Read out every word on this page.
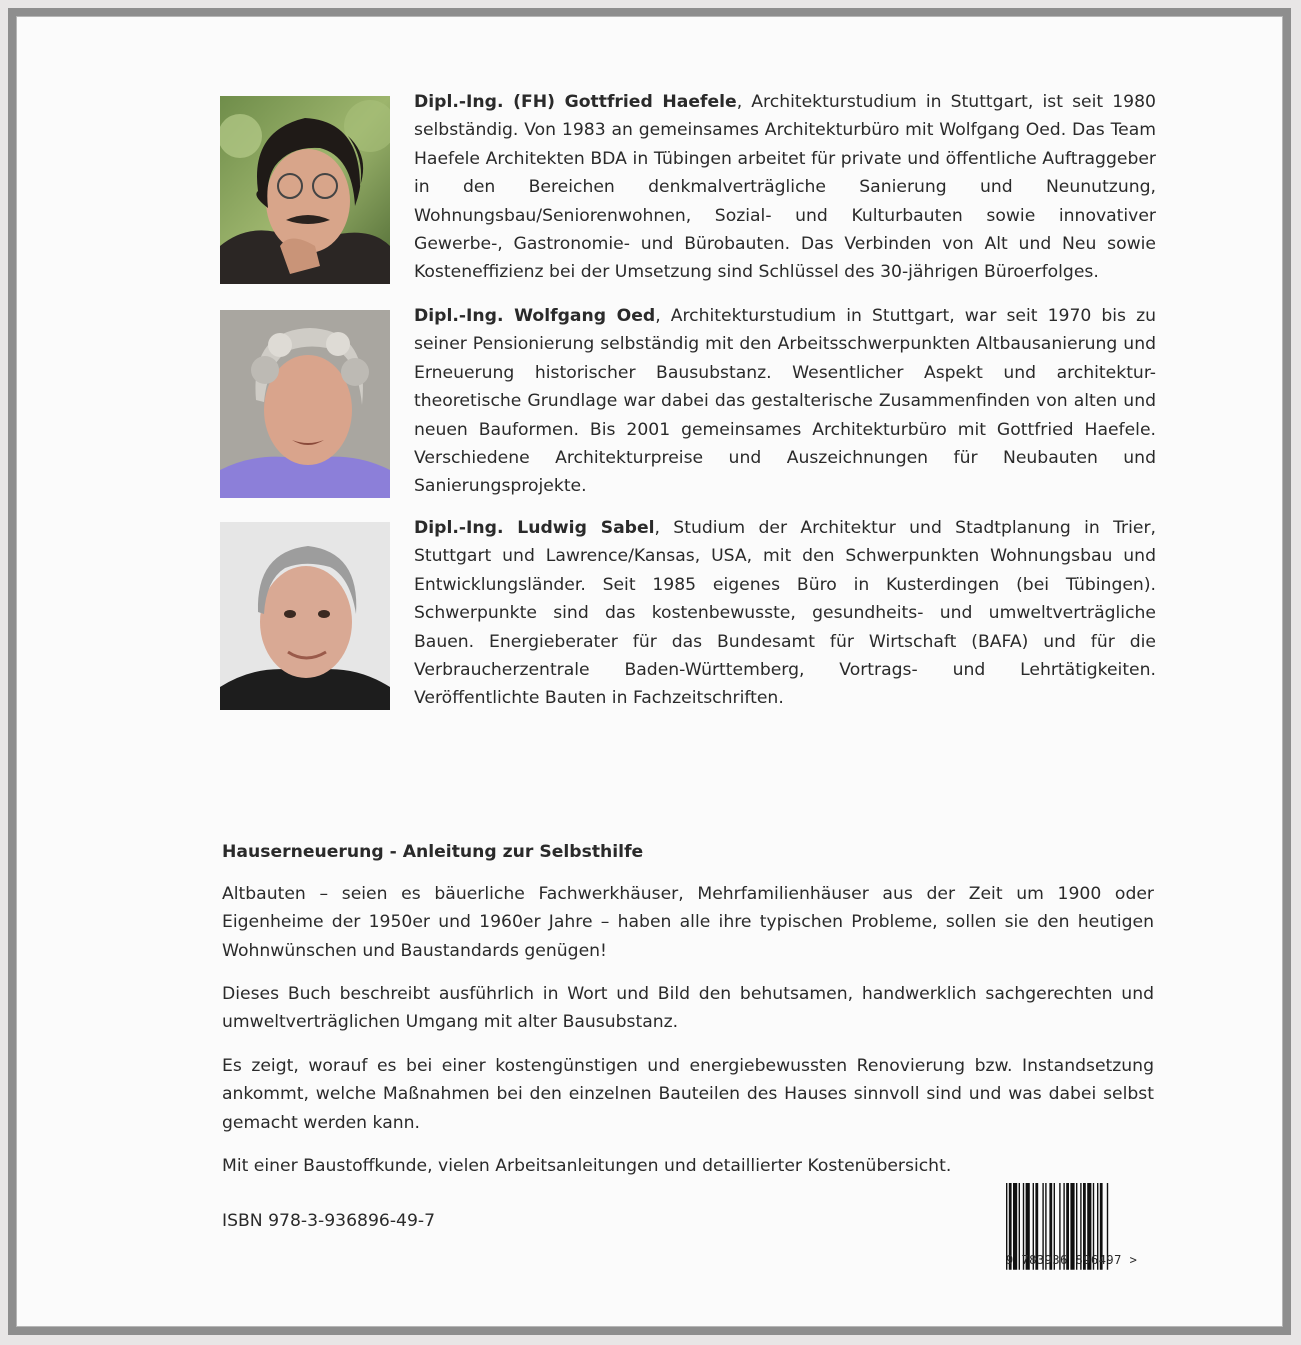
Dipl.-Ing. (FH) Gottfried Haefele, Architekturstudium in Stuttgart, ist seit 1980 selbständig. Von 1983 an gemeinsames Architekturbüro mit Wolfgang Oed. Das Team Haefele Architekten BDA in Tübingen arbeitet für private und öffentliche Auftraggeber in den Bereichen denkmalverträgliche Sanierung und Neunutzung, Wohnungsbau/Seniorenwohnen, Sozial- und Kulturbauten sowie innovativer Gewerbe-, Gastronomie- und Bürobauten. Das Verbinden von Alt und Neu sowie Kosteneffizienz bei der Umsetzung sind Schlüssel des 30-jährigen Büroerfolges.

Dipl.-Ing. Wolfgang Oed, Architekturstudium in Stuttgart, war seit 1970 bis zu seiner Pensionierung selbständig mit den Arbeitsschwerpunkten Altbausanierung und Erneuerung historischer Bausubstanz. Wesentlicher Aspekt und architektur-theoretische Grundlage war dabei das gestalterische Zusammenfinden von alten und neuen Bauformen. Bis 2001 gemeinsames Architekturbüro mit Gottfried Haefele. Verschiedene Architekturpreise und Auszeichnungen für Neubauten und Sanierungsprojekte.

Dipl.-Ing. Ludwig Sabel, Studium der Architektur und Stadtplanung in Trier, Stuttgart und Lawrence/Kansas, USA, mit den Schwerpunkten Wohnungsbau und Entwicklungsländer. Seit 1985 eigenes Büro in Kusterdingen (bei Tübingen). Schwerpunkte sind das kostenbewusste, gesundheits- und umweltverträgliche Bauen. Energieberater für das Bundesamt für Wirtschaft (BAFA) und für die Verbraucherzentrale Baden-Württemberg, Vortrags- und Lehrtätigkeiten. Veröffentlichte Bauten in Fachzeitschriften.

Hauserneuerung - Anleitung zur Selbsthilfe

Altbauten – seien es bäuerliche Fachwerkhäuser, Mehrfamilienhäuser aus der Zeit um 1900 oder Eigenheime der 1950er und 1960er Jahre – haben alle ihre typischen Probleme, sollen sie den heutigen Wohnwünschen und Baustandards genügen!

Dieses Buch beschreibt ausführlich in Wort und Bild den behutsamen, handwerklich sachgerechten und umweltverträglichen Umgang mit alter Bausubstanz.

Es zeigt, worauf es bei einer kostengünstigen und energiebewussten Renovierung bzw. Instandsetzung ankommt, welche Maßnahmen bei den einzelnen Bauteilen des Hauses sinnvoll sind und was dabei selbst gemacht werden kann.

Mit einer Baustoffkunde, vielen Arbeitsanleitungen und detaillierter Kostenübersicht.

ISBN 978-3-936896-49-7

9 783936 896497 >
